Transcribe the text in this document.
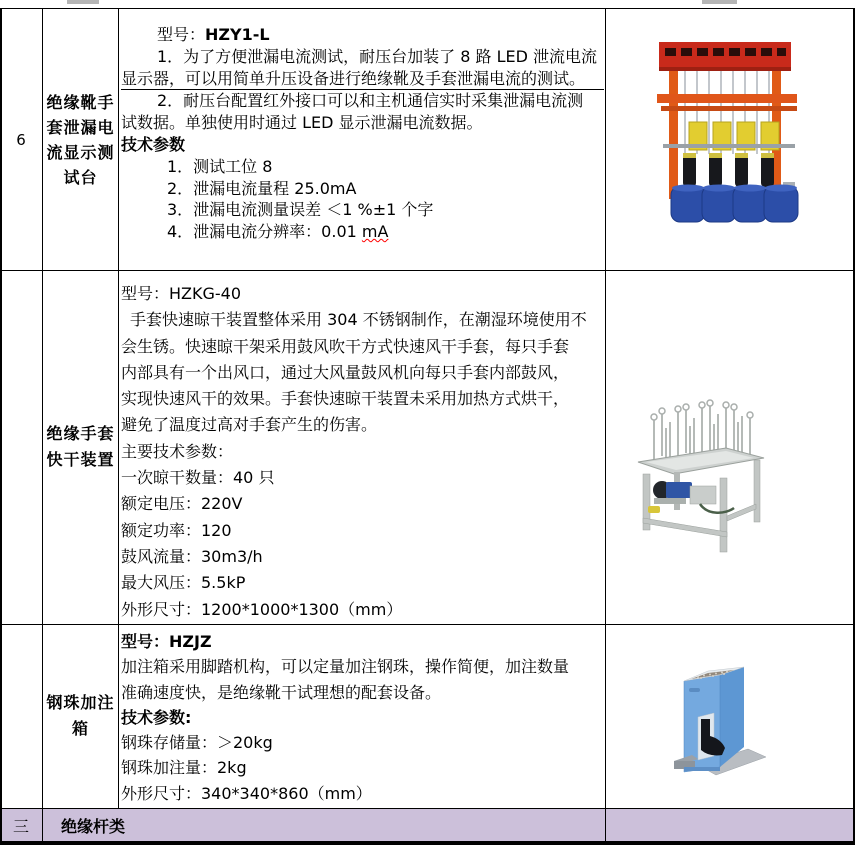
6
绝缘靴手
套泄漏电
流显示测
试台
型号：HZY1-L
1．为了方便泄漏电流测试，耐压台加装了 8 路 LED 泄流电流
显示器，可以用简单升压设备进行绝缘靴及手套泄漏电流的测试。
2．耐压台配置红外接口可以和主机通信实时采集泄漏电流测
试数据。单独使用时通过 LED 显示泄漏电流数据。
技术参数
1．测试工位 8
2．泄漏电流量程 25.0mA
3．泄漏电流测量误差 ＜1 %±1 个字
4．泄漏电流分辨率：0.01 mA
绝缘手套
快干装置
型号：HZKG-40
手套快速晾干装置整体采用 304 不锈钢制作，在潮湿环境使用不
会生锈。快速晾干架采用鼓风吹干方式快速风干手套，每只手套
内部具有一个出风口，通过大风量鼓风机向每只手套内部鼓风，
实现快速风干的效果。手套快速晾干装置未采用加热方式烘干，
避免了温度过高对手套产生的伤害。
主要技术参数：
一次晾干数量：40 只
额定电压：220V
额定功率：120
鼓风流量：30m3/h
最大风压：5.5kP
外形尺寸：1200*1000*1300（mm）
钢珠加注
箱
型号：HZJZ
加注箱采用脚踏机构，可以定量加注钢珠，操作简便，加注数量
准确速度快，是绝缘靴干试理想的配套设备。
技术参数:
钢珠存储量：＞20kg
钢珠加注量：2kg
外形尺寸：340*340*860（mm）
三 绝缘杆类
